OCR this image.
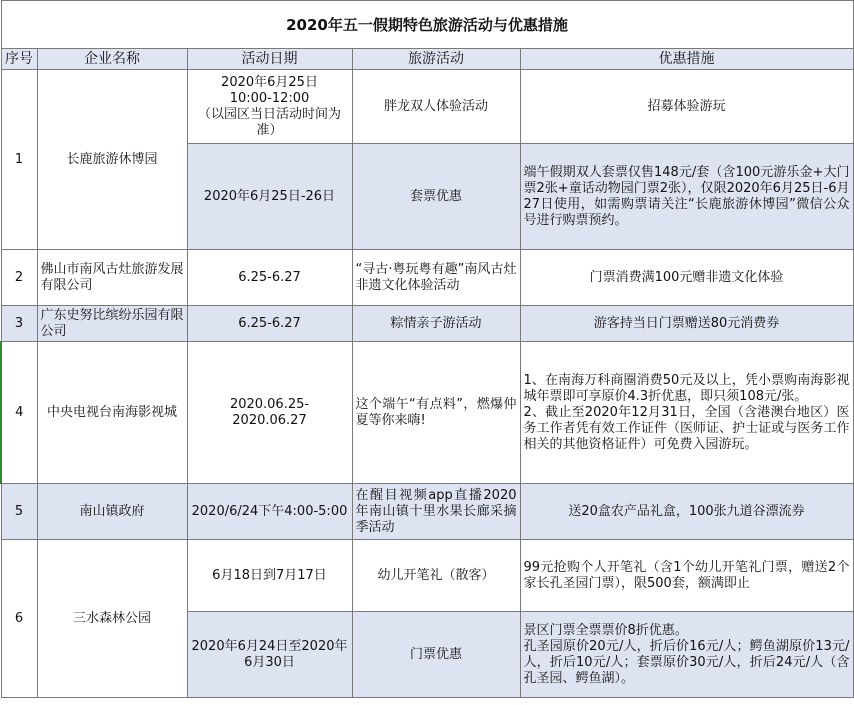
2020年五一假期特色旅游活动与优惠措施				
序号	企业名称	活动日期	旅游活动	优惠措施
1	长鹿旅游休博园	2020年6月25日
10:00-12:00
（以园区当日活动时间为准）	胖龙双人体验活动	招募体验游玩
		2020年6月25日-26日	套票优惠	端午假期双人套票仅售148元/套（含100元游乐金+大门票2张+童话动物园门票2张），仅限2020年6月25日-6月27日使用，如需购票请关注“长鹿旅游休博园”微信公众号进行购票预约。
2	佛山市南风古灶旅游发展有限公司	6.25-6.27	“寻古·粤玩粤有趣”南风古灶非遗文化体验活动	门票消费满100元赠非遗文化体验
3	广东史努比缤纷乐园有限公司	6.25-6.27	粽情亲子游活动	游客持当日门票赠送80元消费券
4	中央电视台南海影视城	2020.06.25-
2020.06.27	这个端午“有点料”，燃爆仲夏等你来嗨!	1、在南海万科商圈消费50元及以上，凭小票购南海影视城年票即可享原价4.3折优惠，即只须108元/张。
2、截止至2020年12月31日，全国（含港澳台地区）医务工作者凭有效工作证件（医师证、护士证或与医务工作相关的其他资格证件）可免费入园游玩。
5	南山镇政府	2020/6/24下午4:00-5:00	在醒目视频app直播2020年南山镇十里水果长廊采摘季活动	送20盒农产品礼盒，100张九道谷漂流券
6	三水森林公园	6月18日到7月17日	幼儿开笔礼（散客）	99元抢购个人开笔礼（含1个幼儿开笔礼门票，赠送2个家长孔圣园门票），限500套，额满即止
		2020年6月24日至2020年6月30日	门票优惠	景区门票全票票价8折优惠。
孔圣园原价20元/人，折后价16元/人；鳄鱼湖原价13元/人，折后10元/人；套票原价30元/人，折后24元/人（含孔圣园、鳄鱼湖）。
